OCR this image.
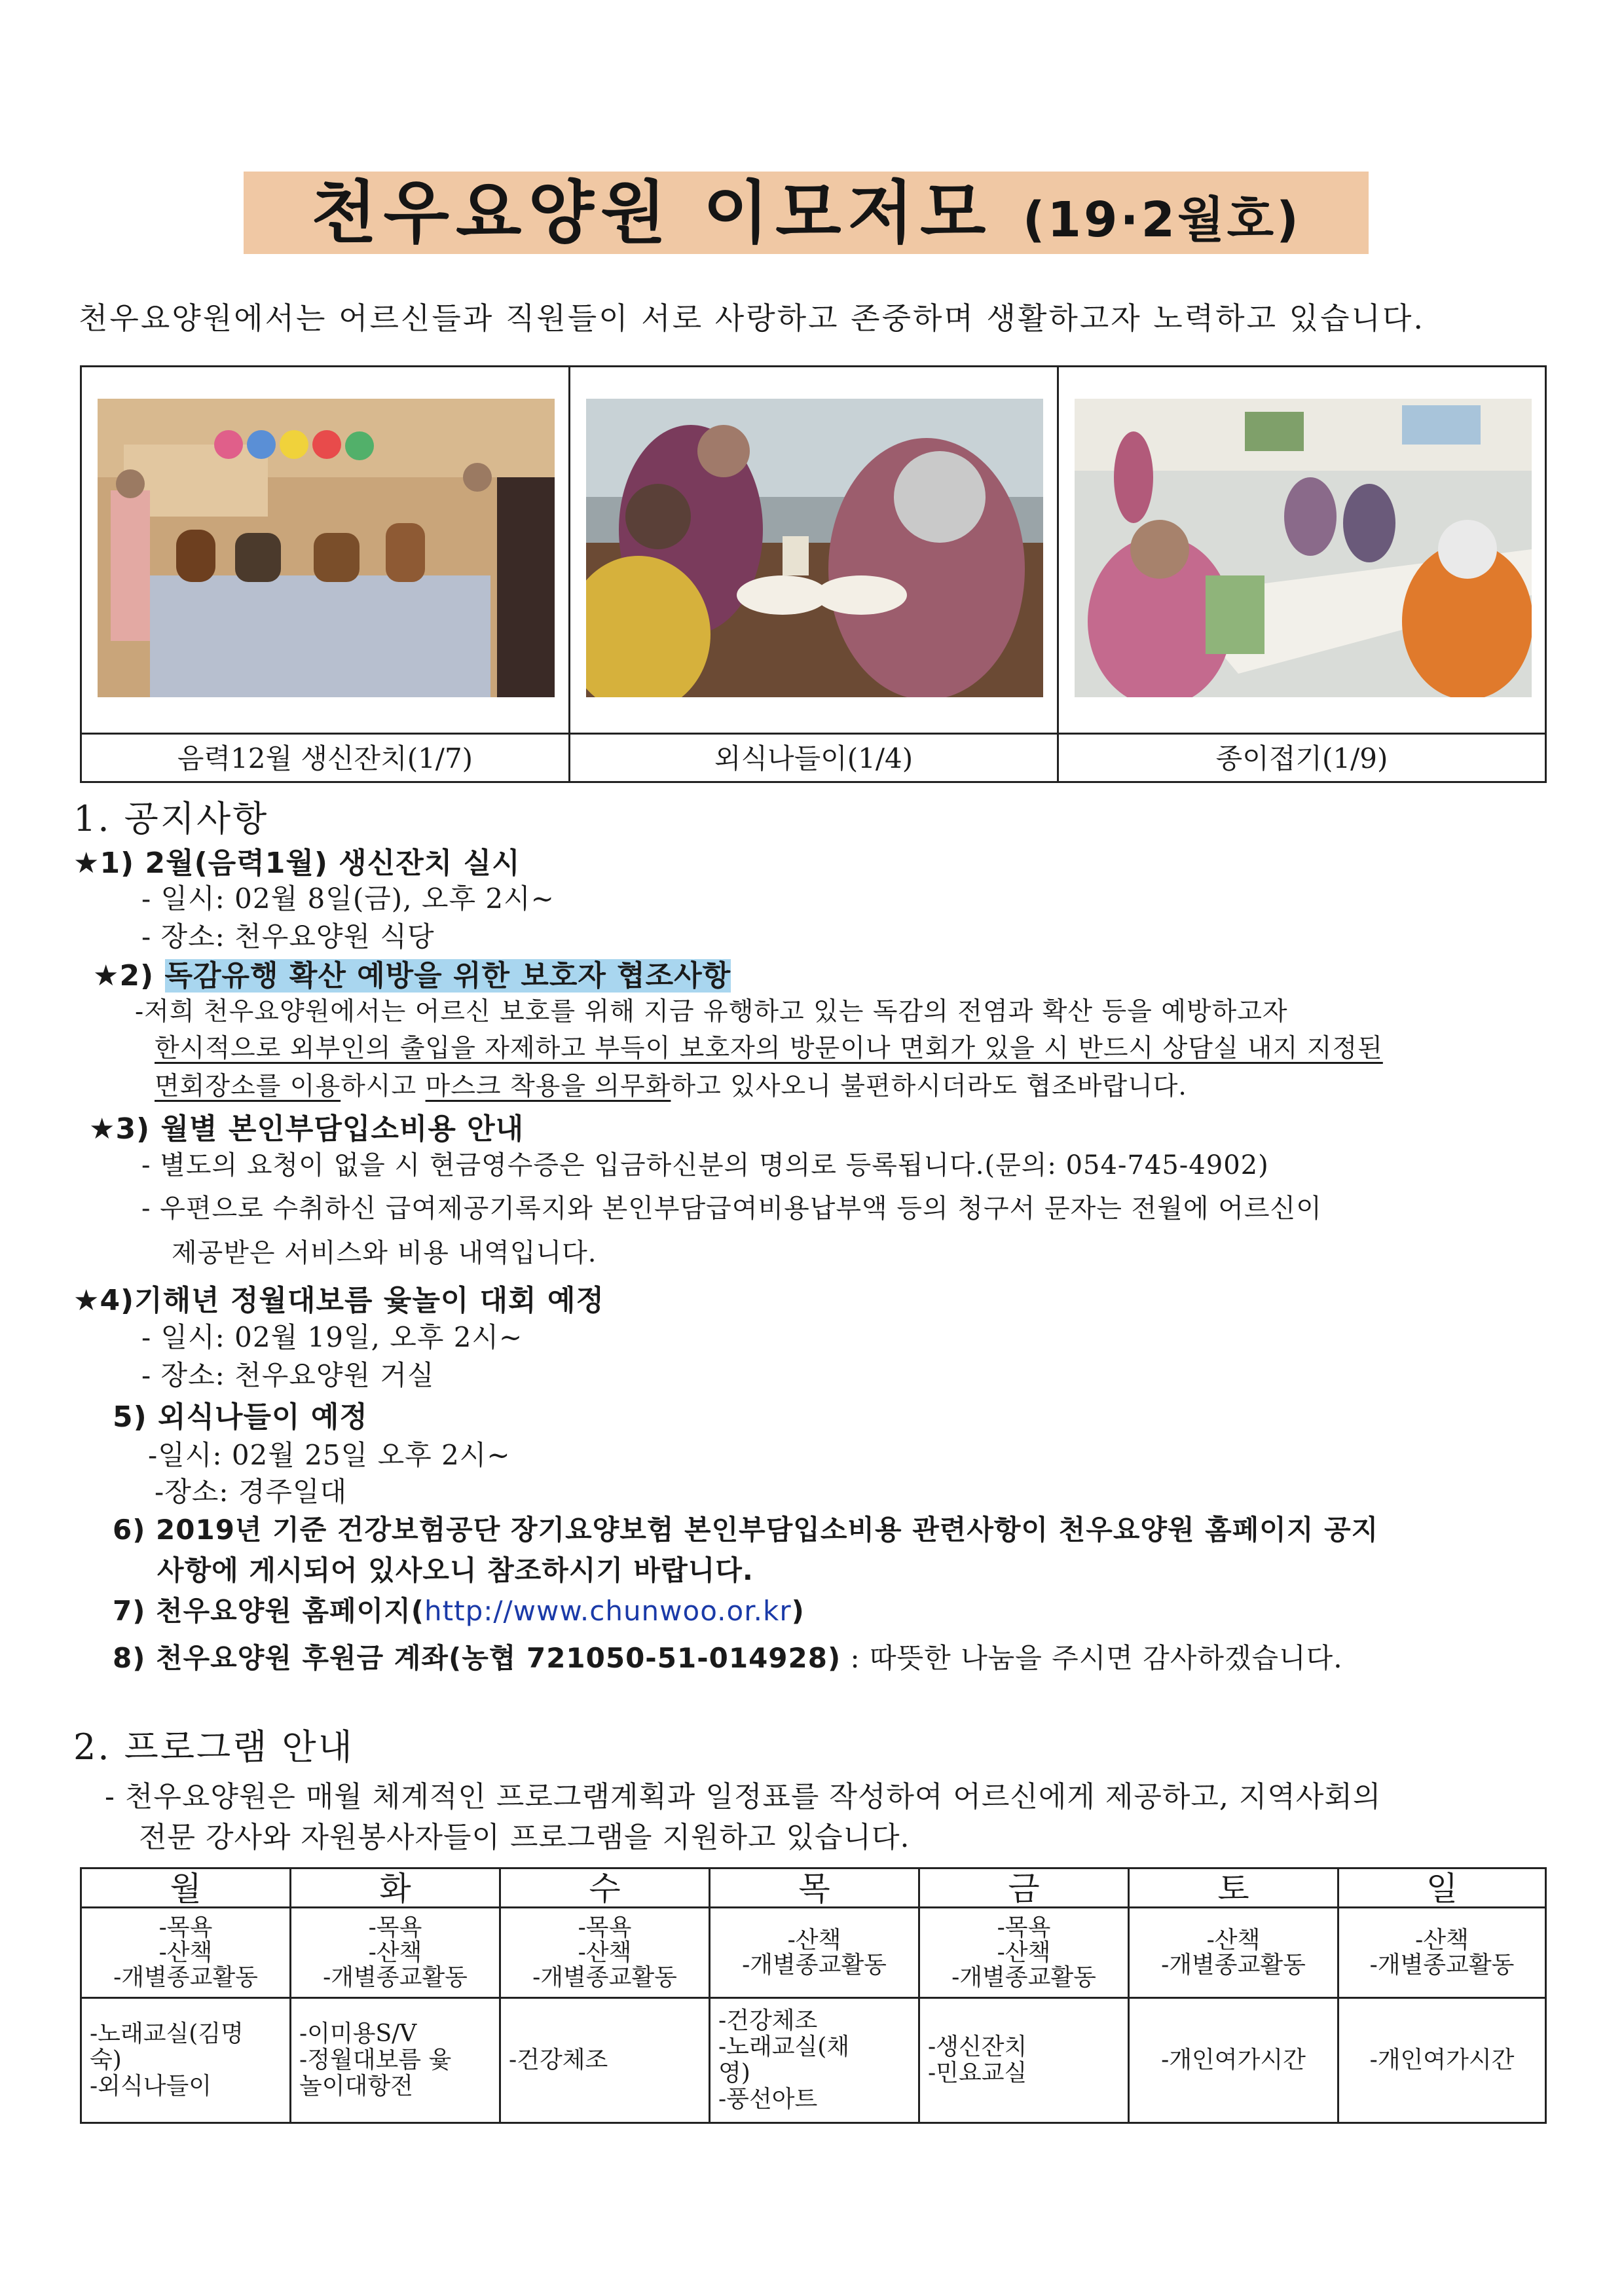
천우요양원 이모저모 (19·2월호)
천우요양원에서는 어르신들과 직원들이 서로 사랑하고 존중하며 생활하고자 노력하고 있습니다.
음력12월 생신잔치(1/7)	외식나들이(1/4)	종이접기(1/9)
1. 공지사항
★1) 2월(음력1월) 생신잔치 실시
- 일시: 02월 8일(금), 오후 2시~
- 장소: 천우요양원 식당
★2) 독감유행 확산 예방을 위한 보호자 협조사항
-저희 천우요양원에서는 어르신 보호를 위해 지금 유행하고 있는 독감의 전염과 확산 등을 예방하고자
한시적으로 외부인의 출입을 자제하고 부득이 보호자의 방문이나 면회가 있을 시 반드시 상담실 내지 지정된
면회장소를 이용하시고 마스크 착용을 의무화하고 있사오니 불편하시더라도 협조바랍니다.
★3) 월별 본인부담입소비용 안내
- 별도의 요청이 없을 시 현금영수증은 입금하신분의 명의로 등록됩니다.(문의: 054-745-4902)
- 우편으로 수취하신 급여제공기록지와 본인부담급여비용납부액 등의 청구서 문자는 전월에 어르신이
제공받은 서비스와 비용 내역입니다.
★4)기해년 정월대보름 윷놀이 대회 예정
- 일시: 02월 19일, 오후 2시~
- 장소: 천우요양원 거실
5) 외식나들이 예정
-일시: 02월 25일 오후 2시~
-장소: 경주일대
6) 2019년 기준 건강보험공단 장기요양보험 본인부담입소비용 관련사항이 천우요양원 홈페이지 공지
사항에 게시되어 있사오니 참조하시기 바랍니다.
7) 천우요양원 홈페이지(http://www.chunwoo.or.kr)
8) 천우요양원 후원금 계좌(농협 721050-51-014928) : 따뜻한 나눔을 주시면 감사하겠습니다.
2. 프로그램 안내
- 천우요양원은 매월 체계적인 프로그램계획과 일정표를 작성하여 어르신에게 제공하고, 지역사회의
전문 강사와 자원봉사자들이 프로그램을 지원하고 있습니다.
월
-목욕
-산책
-개별종교활동
-노래교실(김명
숙)
-외식나들이
화
-목욕
-산책
-개별종교활동
-이미용S/V
-정월대보름 윷
놀이대항전
수
-목욕
-산책
-개별종교활동
-건강체조
목
-산책
-개별종교활동
-건강체조
-노래교실(채
영)
-풍선아트
금
-목욕
-산책
-개별종교활동
-생신잔치
-민요교실
토
-산책
-개별종교활동
-개인여가시간
일
-산책
-개별종교활동
-개인여가시간
